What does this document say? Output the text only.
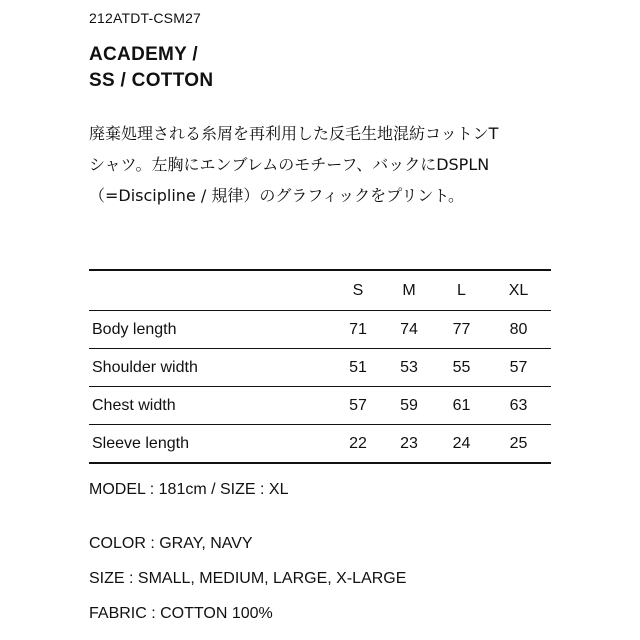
212ATDT-CSM27
ACADEMY /
SS / COTTON
廃棄処理される糸屑を再利用した反毛生地混紡コットンT
シャツ。左胸にエンブレムのモチーフ、バックにDSPLN
（=Discipline / 規律）のグラフィックをプリント。
	S	M	L	XL
Body length	71	74	77	80
Shoulder width	51	53	55	57
Chest width	57	59	61	63
Sleeve length	22	23	24	25
MODEL : 181cm / SIZE : XL
COLOR : GRAY, NAVY
SIZE : SMALL, MEDIUM, LARGE, X-LARGE
FABRIC : COTTON 100%
